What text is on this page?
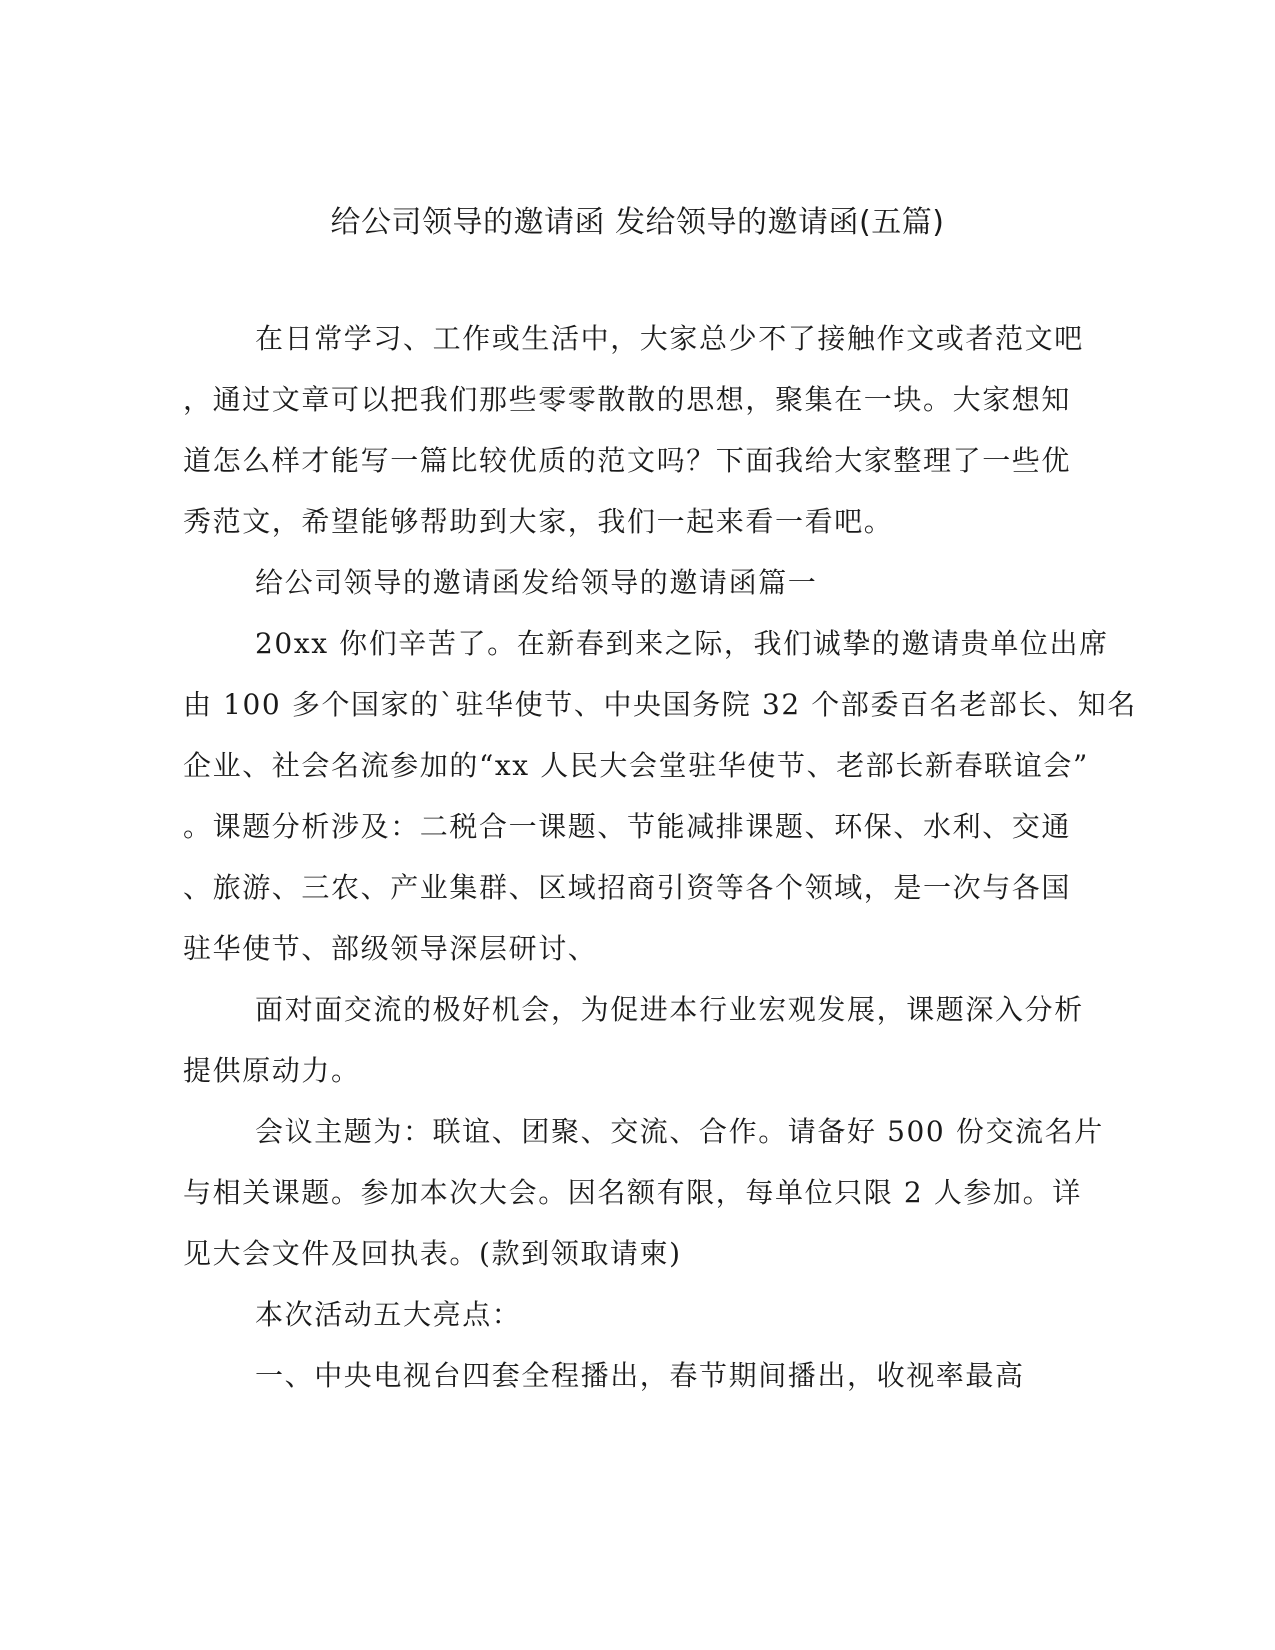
给公司领导的邀请函 发给领导的邀请函(五篇)
在日常学习、工作或生活中，大家总少不了接触作文或者范文吧
，通过文章可以把我们那些零零散散的思想，聚集在一块。大家想知
道怎么样才能写一篇比较优质的范文吗？下面我给大家整理了一些优
秀范文，希望能够帮助到大家，我们一起来看一看吧。
给公司领导的邀请函发给领导的邀请函篇一
20xx 你们辛苦了。在新春到来之际，我们诚挚的邀请贵单位出席
由 100 多个国家的`驻华使节、中央国务院 32 个部委百名老部长、知名
企业、社会名流参加的“xx 人民大会堂驻华使节、老部长新春联谊会”
。课题分析涉及：二税合一课题、节能减排课题、环保、水利、交通
、旅游、三农、产业集群、区域招商引资等各个领域，是一次与各国
驻华使节、部级领导深层研讨、
面对面交流的极好机会，为促进本行业宏观发展，课题深入分析
提供原动力。
会议主题为：联谊、团聚、交流、合作。请备好 500 份交流名片
与相关课题。参加本次大会。因名额有限，每单位只限 2 人参加。详
见大会文件及回执表。(款到领取请柬)
本次活动五大亮点：
一、中央电视台四套全程播出，春节期间播出，收视率最高
